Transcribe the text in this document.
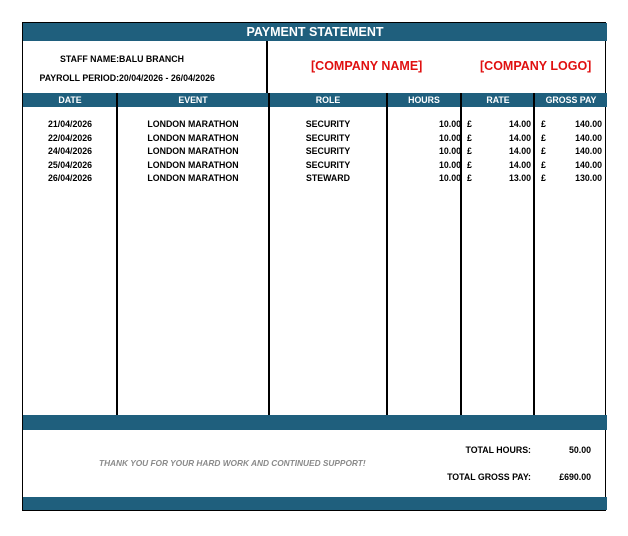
PAYMENT STATEMENT
STAFF NAME: BALU BRANCH
PAYROLL PERIOD: 20/04/2026 - 26/04/2026
[COMPANY NAME]	[COMPANY LOGO]
DATE	EVENT	ROLE	HOURS	RATE	GROSS PAY
21/04/2026	LONDON MARATHON	SECURITY	10.00 £	14.00 £	140.00
22/04/2026	LONDON MARATHON	SECURITY	10.00 £	14.00 £	140.00
24/04/2026	LONDON MARATHON	SECURITY	10.00 £	14.00 £	140.00
25/04/2026	LONDON MARATHON	SECURITY	10.00 £	14.00 £	140.00
26/04/2026	LONDON MARATHON	STEWARD	10.00 £	13.00 £	130.00
THANK YOU FOR YOUR HARD WORK AND CONTINUED SUPPORT!
TOTAL HOURS:	50.00
TOTAL GROSS PAY:	£690.00
